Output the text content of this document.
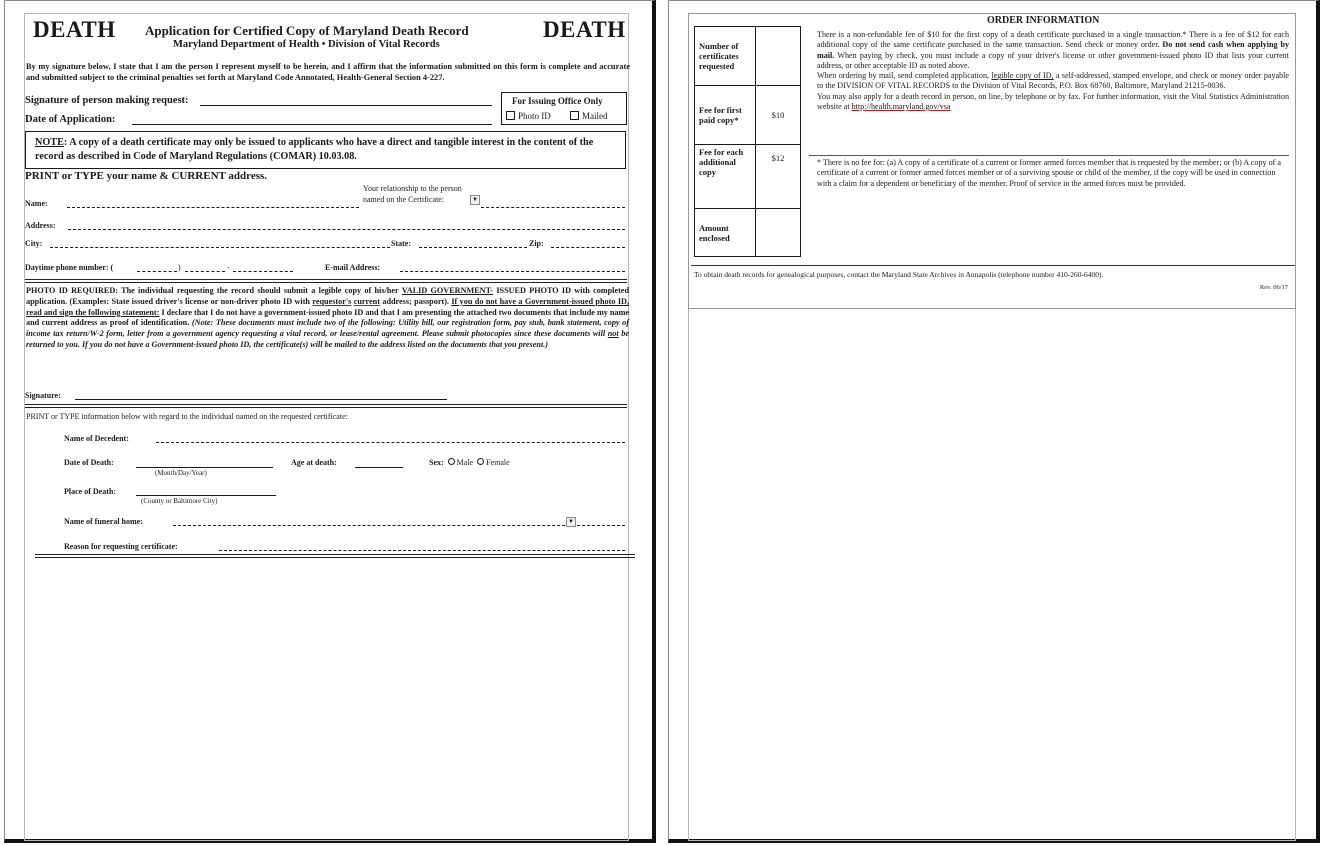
DEATH	DEATH
Application for Certified Copy of Maryland Death Record
Maryland Department of Health • Division of Vital Records
By my signature below, I state that I am the person I represent myself to be herein, and I affirm that the information submitted on this form is complete and accurate and submitted subject to the criminal penalties set forth at Maryland Code Annotated, Health-General Section 4-227.
Signature of person making request:
Date of Application:
For Issuing Office Only
Photo ID	Mailed
NOTE: A copy of a death certificate may only be issued to applicants who have a direct and tangible interest in the content of the record as described in Code of Maryland Regulations (COMAR) 10.03.08.
PRINT or TYPE your name & CURRENT address.
Your relationship to the person
named on the Certificate:	▼
Name:
Address:
City:	State:	Zip:
Daytime phone number: (	)	-	E-mail Address:
PHOTO ID REQUIRED: The individual requesting the record should submit a legible copy of his/her VALID GOVERNMENT- ISSUED PHOTO ID with completed application. (Examples: State issued driver's license or non-driver photo ID with requestor's current address; passport). If you do not have a Government-issued photo ID, read and sign the following statement: I declare that I do not have a government-issued photo ID and that I am presenting the attached two documents that include my name and current address as proof of identification. (Note: These documents must include two of the following: Utility bill, our registration form, pay stub, bank statement, copy of income tax return/W-2 form, letter from a government agency requesting a vital record, or lease/rental agreement. Please submit photocopies since these documents will not be returned to you. If you do not have a Government-issued photo ID, the certificate(s) will be mailed to the address listed on the documents that you present.)
Signature:
PRINT or TYPE information below with regard to the individual named on the requested certificate:
Name of Decedent:
Date of Death:
(Month/Day/Year)
Age at death:	Sex: Male Female
Place of Death:
(County or Baltimore City)
Name of funeral home:	▼
Reason for requesting certificate:
ORDER INFORMATION
Number of certificates requested	
Fee for first paid copy*	$10
Fee for each additional copy	$12
Amount enclosed	
There is a non-refundable fee of $10 for the first copy of a death certificate purchased in a single transaction.* There is a fee of $12 for each additional copy of the same certificate purchased in the same transaction. Send check or money order. Do not send cash when applying by mail. When paying by check, you must include a copy of your driver's license or other government-issued photo ID that lists your current address, or other acceptable ID as noted above.
When ordering by mail, send completed application, legible copy of ID, a self-addressed, stamped envelope, and check or money order payable to the DIVISION OF VITAL RECORDS to the Division of Vital Records, P.O. Box 68760, Baltimore, Maryland 21215-0036.
You may also apply for a death record in person, on line, by telephone or by fax. For further information, visit the Vital Statistics Administration website at http://health.maryland.gov/vsa
* There is no fee for: (a) A copy of a certificate of a current or former armed forces member that is requested by the member; or (b) A copy of a certificate of a current or former armed forces member or of a surviving spouse or child of the member, if the copy will be used in connection with a claim for a dependent or beneficiary of the member. Proof of service in the armed forces must be provided.
To obtain death records for genealogical purposes, contact the Maryland State Archives in Annapolis (telephone number 410-260-6400).
Rev. 06/17
